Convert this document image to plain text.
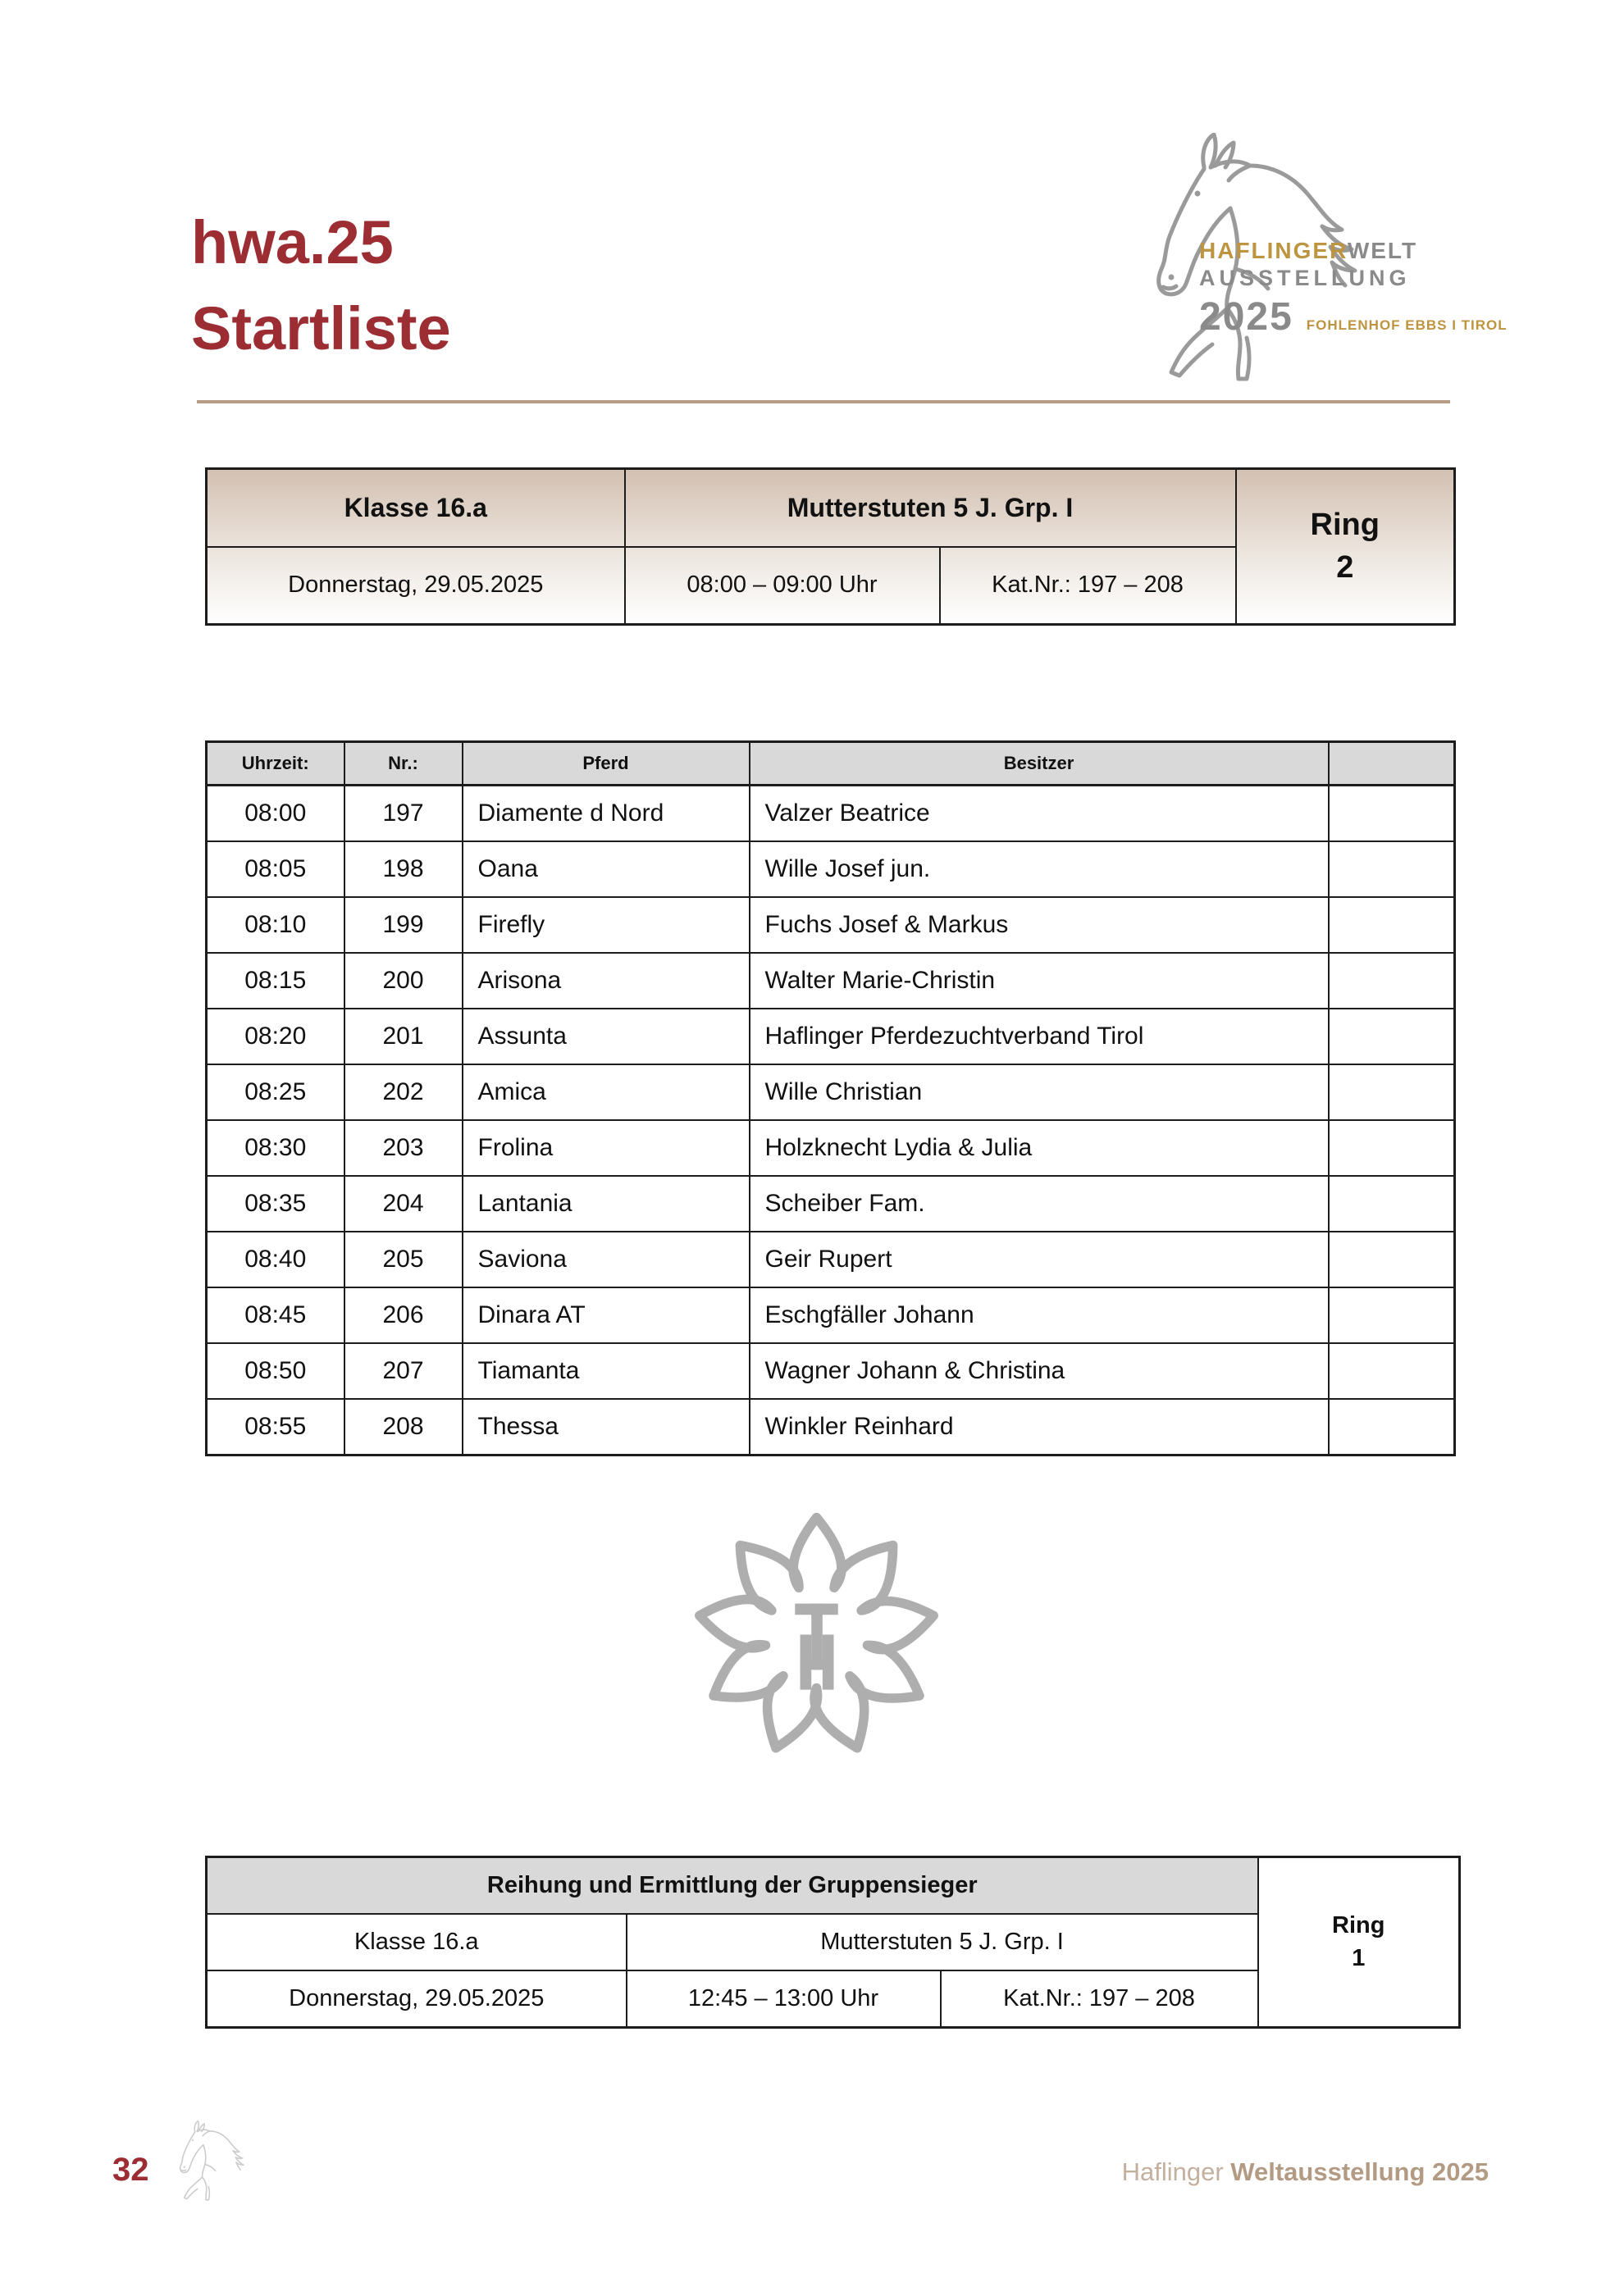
hwa.25
Startliste
HAFLINGERWELT
AUSSTELLUNG
2025 FOHLENHOF EBBS I TIROL
Klasse 16.a	Mutterstuten 5 J. Grp. I		Ring
2

Donnerstag, 29.05.2025	08:00 – 09:00 Uhr	Kat.Nr.: 197 – 208	
Uhrzeit:	Nr.:	Pferd	Besitzer	
08:00	197	Diamente d Nord	Valzer Beatrice	
08:05	198	Oana	Wille Josef jun.	
08:10	199	Firefly	Fuchs Josef & Markus	
08:15	200	Arisona	Walter Marie-Christin	
08:20	201	Assunta	Haflinger Pferdezuchtverband Tirol	
08:25	202	Amica	Wille Christian	
08:30	203	Frolina	Holzknecht Lydia & Julia	
08:35	204	Lantania	Scheiber Fam.	
08:40	205	Saviona	Geir Rupert	
08:45	206	Dinara AT	Eschgfäller Johann	
08:50	207	Tiamanta	Wagner Johann & Christina	
08:55	208	Thessa	Winkler Reinhard	
Reihung und Ermittlung der Gruppensieger			Ring
1

Klasse 16.a	Mutterstuten 5 J. Grp. I		
Donnerstag, 29.05.2025	12:45 – 13:00 Uhr	Kat.Nr.: 197 – 208	
32	Haflinger Weltausstellung 2025
